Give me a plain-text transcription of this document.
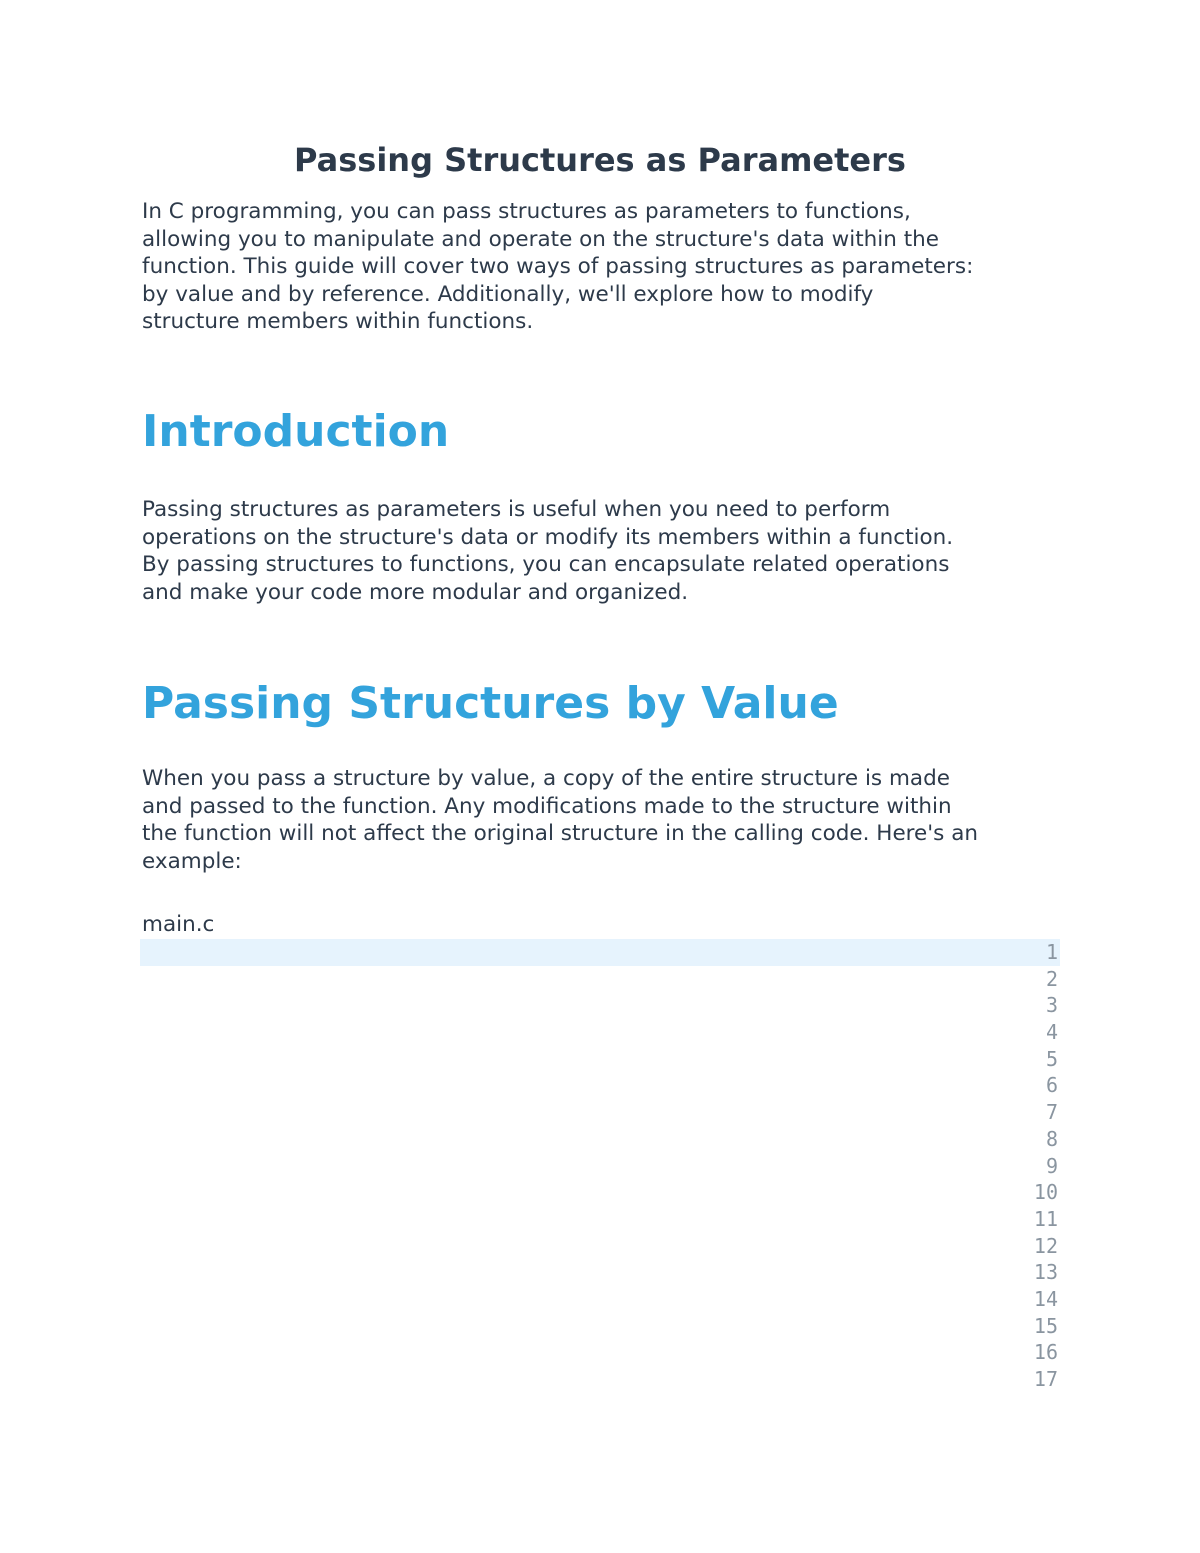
Passing Structures as Parameters

In C programming, you can pass structures as parameters to functions,
allowing you to manipulate and operate on the structure's data within the
function. This guide will cover two ways of passing structures as parameters:
by value and by reference. Additionally, we'll explore how to modify
structure members within functions.

Introduction

Passing structures as parameters is useful when you need to perform
operations on the structure's data or modify its members within a function.
By passing structures to functions, you can encapsulate related operations
and make your code more modular and organized.

Passing Structures by Value

When you pass a structure by value, a copy of the entire structure is made
and passed to the function. Any modifications made to the structure within
the function will not affect the original structure in the calling code. Here's an
example:

main.c
1
2
3
4
5
6
7
8
9
10
11
12
13
14
15
16
17
